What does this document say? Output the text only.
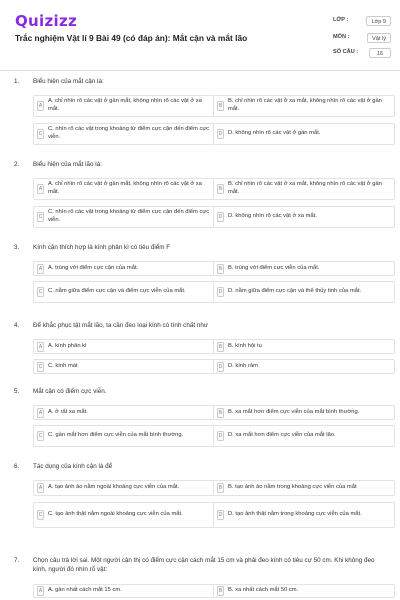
Quizizz
Trắc nghiệm Vật lí 9 Bài 49 (có đáp án): Mắt cận và mắt lão
LỚP :	Lớp 9
MÔN :	Vật lý
SỐ CÂU :	16
1. Biểu hiện của mắt cận là:
A
A. chỉ nhìn rõ các vật ở gần mắt, không nhìn rõ các vật ở xa mắt.	B
B. chỉ nhìn rõ các vật ở xa mắt, không nhìn rõ các vật ở gần mắt.
C
C. nhìn rõ các vật trong khoảng từ điểm cực cận đến điểm cực viễn.	D D. không nhìn rõ các vật ở gần mắt.
2. Biểu hiện của mắt lão là:
A
A. chỉ nhìn rõ các vật ở gần mắt, không nhìn rõ các vật ở xa mắt.	B
B. chỉ nhìn rõ các vật ở xa mắt, không nhìn rõ các vật ở gần mắt.
C
C. nhìn rõ các vật trong khoảng từ điểm cực cận đến điểm cực viễn.	D D. không nhìn rõ các vật ở xa mắt.
3. Kính cận thích hợp là kính phân kì có tiêu điểm F
A	A. trùng với điểm cực cận của mắt.	B	B. trùng với điểm cực viễn của mắt.
C C. nằm giữa điểm cực cận và điểm cực viễn của mắt.	D D. nằm giữa điểm cực cận và thể thủy tinh của mắt.
4. Để khắc phục tật mắt lão, ta cần đeo loại kính có tính chất như
A	A. kính phân kì	B	B. kính hội tụ
C C. kính mát	D D. kính râm
5. Mắt cận có điểm cực viễn.
A	A. ở rất xa mắt.	B	B. xa mắt hơn điểm cực viễn của mắt bình thường.
C C. gần mắt hơn điểm cực viễn của mắt bình thường.	D D. xa mắt hơn điểm cực viễn của mắt lão.
6. Tác dụng của kính cận là để
A	A. tạo ảnh ảo nằm ngoài khoảng cực viễn của mắt.	B	B. tạo ảnh ảo nằm trong khoảng cực viễn của mắt
C C. tạo ảnh thật nằm ngoài khoảng cực viễn của mắt.	D D. tạo ảnh thật nằm trong khoảng cực viễn của mắt.
7. Chọn câu trả lời sai. Một người cận thị có điểm cực cận cách mắt 15 cm và phải đeo kính có tiêu cự 50 cm. Khi không đeo kính, người đó nhìn rõ vật:
A	A. gần nhất cách mắt 15 cm.	B	B. xa nhất cách mắt 50 cm.
